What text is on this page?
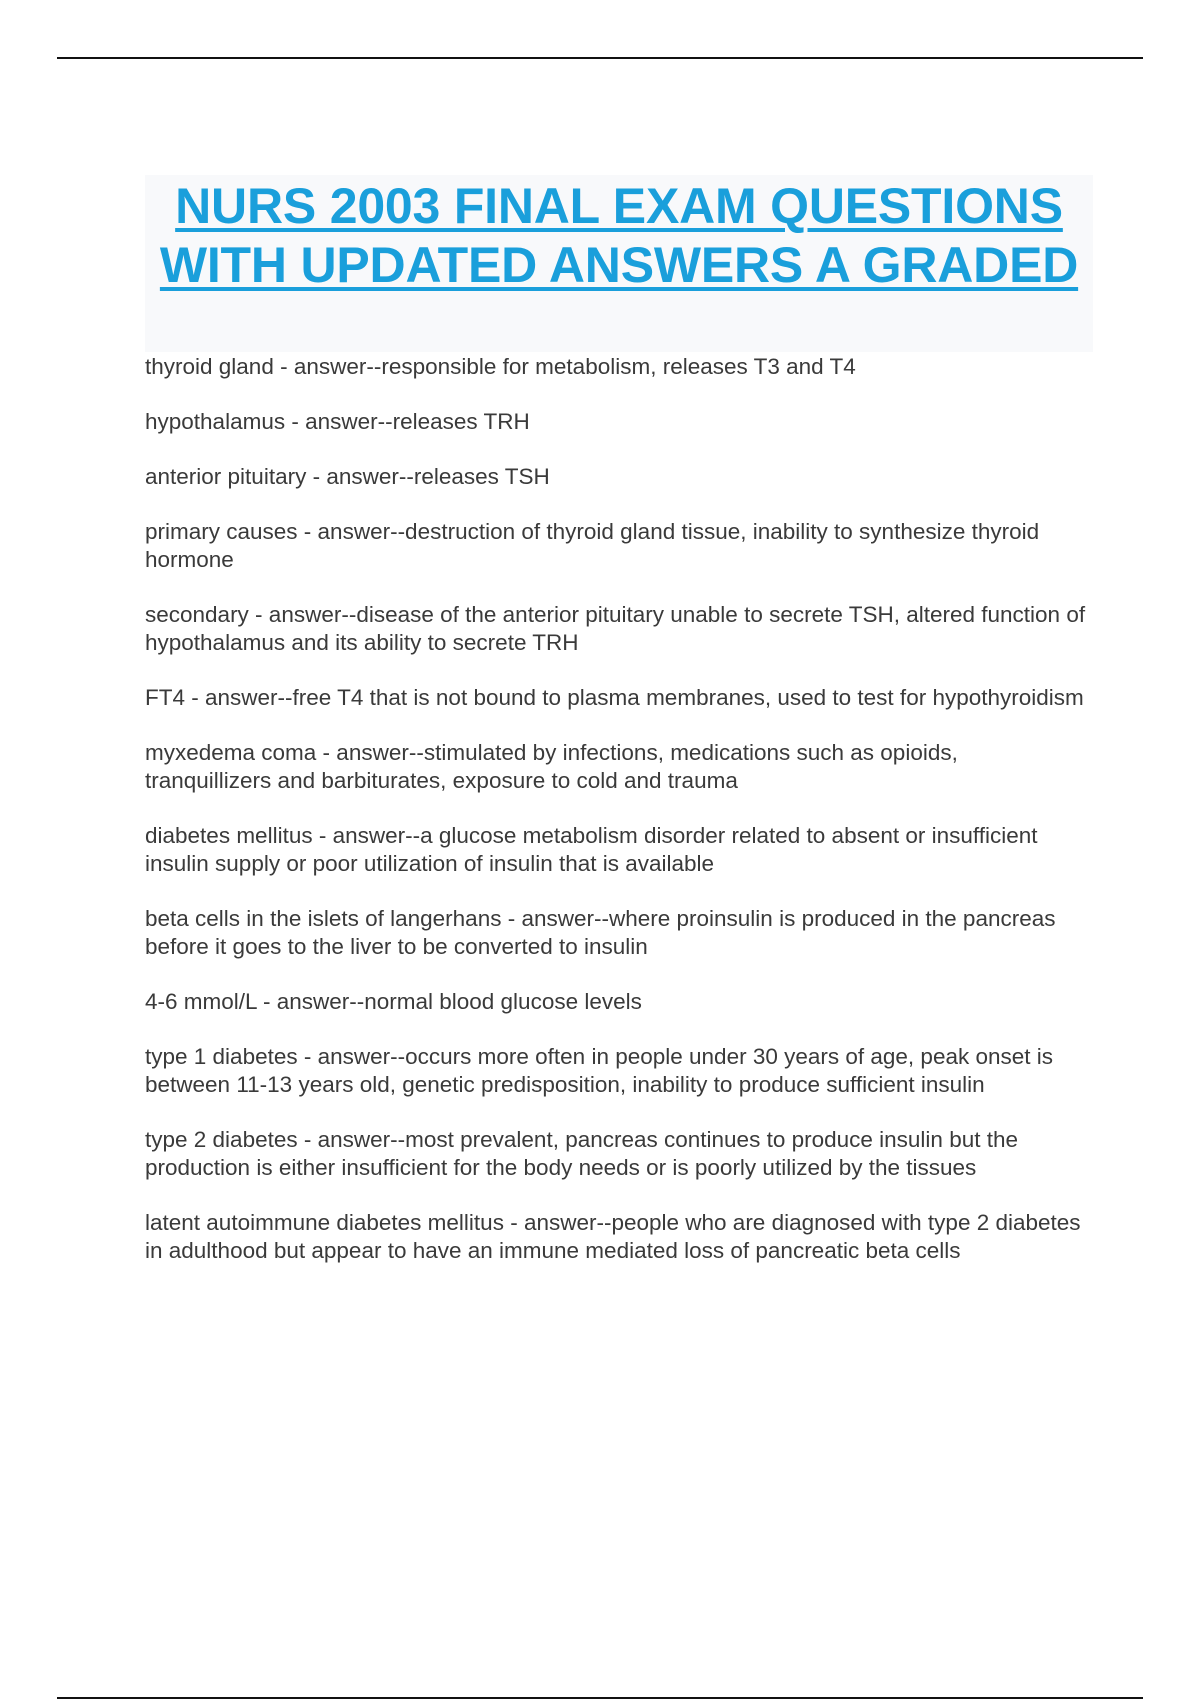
NURS 2003 FINAL EXAM QUESTIONS WITH UPDATED ANSWERS A GRADED
thyroid gland - answer--responsible for metabolism, releases T3 and T4
hypothalamus - answer--releases TRH
anterior pituitary - answer--releases TSH
primary causes - answer--destruction of thyroid gland tissue, inability to synthesize thyroid hormone
secondary - answer--disease of the anterior pituitary unable to secrete TSH, altered function of hypothalamus and its ability to secrete TRH
FT4 - answer--free T4 that is not bound to plasma membranes, used to test for hypothyroidism
myxedema coma - answer--stimulated by infections, medications such as opioids, tranquillizers and barbiturates, exposure to cold and trauma
diabetes mellitus - answer--a glucose metabolism disorder related to absent or insufficient insulin supply or poor utilization of insulin that is available
beta cells in the islets of langerhans - answer--where proinsulin is produced in the pancreas before it goes to the liver to be converted to insulin
4-6 mmol/L - answer--normal blood glucose levels
type 1 diabetes - answer--occurs more often in people under 30 years of age, peak onset is between 11-13 years old, genetic predisposition, inability to produce sufficient insulin
type 2 diabetes - answer--most prevalent, pancreas continues to produce insulin but the production is either insufficient for the body needs or is poorly utilized by the tissues
latent autoimmune diabetes mellitus - answer--people who are diagnosed with type 2 diabetes in adulthood but appear to have an immune mediated loss of pancreatic beta cells
